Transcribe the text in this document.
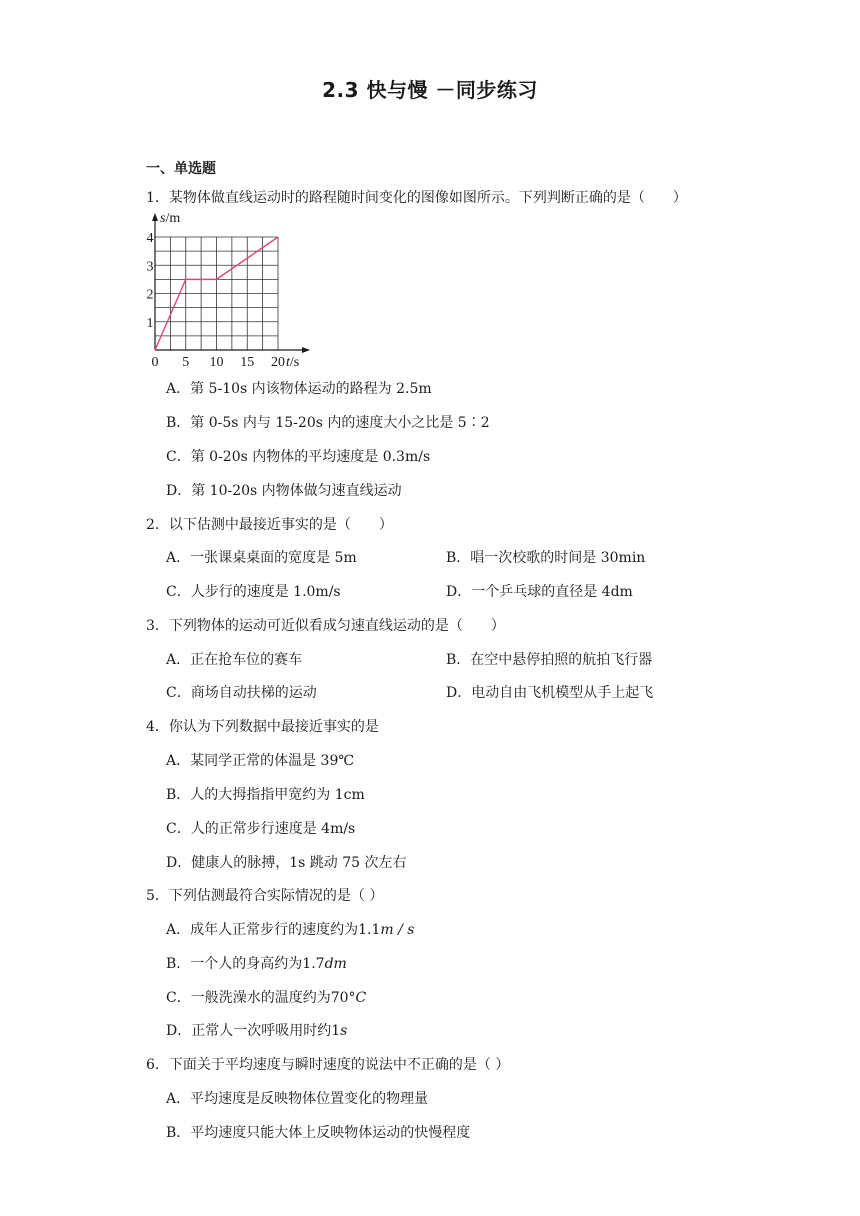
2.3 快与慢 －同步练习
一、单选题
1．某物体做直线运动时的路程随时间变化的图像如图所示。下列判断正确的是（　　）
s/m
t/s
0 5 10 15 20
1
2
3
4
A．第 5-10s 内该物体运动的路程为 2.5m
B．第 0-5s 内与 15-20s 内的速度大小之比是 5∶2
C．第 0-20s 内物体的平均速度是 0.3m/s
D．第 10-20s 内物体做匀速直线运动
2．以下估测中最接近事实的是（　　）
A．一张课桌桌面的宽度是 5m	B．唱一次校歌的时间是 30min
C．人步行的速度是 1.0m/s	D．一个乒乓球的直径是 4dm
3．下列物体的运动可近似看成匀速直线运动的是（　　）
A．正在抢车位的赛车	B．在空中悬停拍照的航拍飞行器
C．商场自动扶梯的运动	D．电动自由飞机模型从手上起飞
4．你认为下列数据中最接近事实的是
A．某同学正常的体温是 39℃
B．人的大拇指指甲宽约为 1cm
C．人的正常步行速度是 4m/s
D．健康人的脉搏，1s 跳动 75 次左右
5．下列估测最符合实际情况的是（ ）
A．成年人正常步行的速度约为1.1m / s
B．一个人的身高约为1.7dm
C．一般洗澡水的温度约为70°C
D．正常人一次呼吸用时约1s
6．下面关于平均速度与瞬时速度的说法中不正确的是（ ）
A．平均速度是反映物体位置变化的物理量
B．平均速度只能大体上反映物体运动的快慢程度
